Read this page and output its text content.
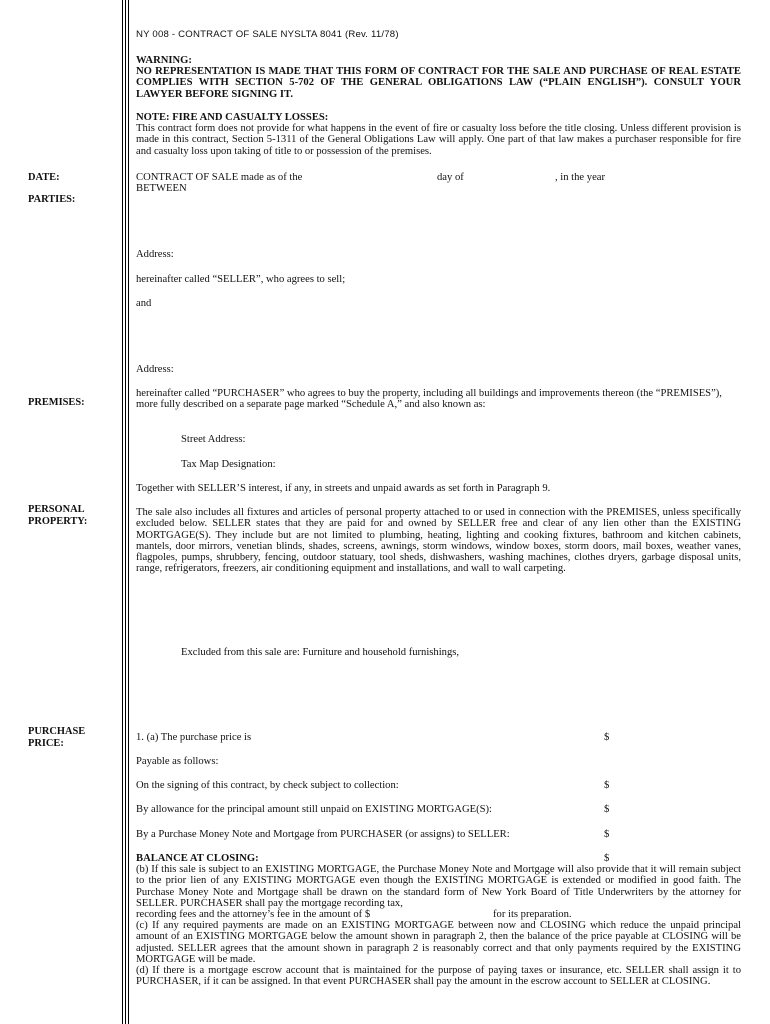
NY 008 - CONTRACT OF SALE NYSLTA 8041 (Rev. 11/78)
WARNING:
NO REPRESENTATION IS MADE THAT THIS FORM OF CONTRACT FOR THE SALE AND PURCHASE OF REAL ESTATE COMPLIES WITH SECTION 5-702 OF THE GENERAL OBLIGATIONS LAW (“PLAIN ENGLISH”). CONSULT YOUR LAWYER BEFORE SIGNING IT.
NOTE: FIRE AND CASUALTY LOSSES:
This contract form does not provide for what happens in the event of fire or casualty loss before the title closing. Unless different provision is made in this contract, Section 5-1311 of the General Obligations Law will apply. One part of that law makes a purchaser responsible for fire and casualty loss upon taking of title to or possession of the premises.
DATE:
PARTIES:
PREMISES:
PERSONAL PROPERTY:
PURCHASE PRICE:
CONTRACT OF SALE made as of the	day of	, in the year
BETWEEN
Address:
hereinafter called “SELLER”, who agrees to sell;
and
Address:
hereinafter called “PURCHASER” who agrees to buy the property, including all buildings and improvements thereon (the “PREMISES”), more fully described on a separate page marked “Schedule A,” and also known as:
Street Address:
Tax Map Designation:
Together with SELLER’S interest, if any, in streets and unpaid awards as set forth in Paragraph 9.
The sale also includes all fixtures and articles of personal property attached to or used in connection with the PREMISES, unless specifically excluded below. SELLER states that they are paid for and owned by SELLER free and clear of any lien other than the EXISTING MORTGAGE(S). They include but are not limited to plumbing, heating, lighting and cooking fixtures, bathroom and kitchen cabinets, mantels, door mirrors, venetian blinds, shades, screens, awnings, storm windows, window boxes, storm doors, mail boxes, weather vanes, flagpoles, pumps, shrubbery, fencing, outdoor statuary, tool sheds, dishwashers, washing machines, clothes dryers, garbage disposal units, range, refrigerators, freezers, air conditioning equipment and installations, and wall to wall carpeting.
Excluded from this sale are: Furniture and household furnishings,
1. (a) The purchase price is	$
Payable as follows:
On the signing of this contract, by check subject to collection:	$
By allowance for the principal amount still unpaid on EXISTING MORTGAGE(S):	$
By a Purchase Money Note and Mortgage from PURCHASER (or assigns) to SELLER:	$
BALANCE AT CLOSING:	$
(b) If this sale is subject to an EXISTING MORTGAGE, the Purchase Money Note and Mortgage will also provide that it will remain subject to the prior lien of any EXISTING MORTGAGE even though the EXISTING MORTGAGE is extended or modified in good faith. The Purchase Money Note and Mortgage shall be drawn on the standard form of New York Board of Title Underwriters by the attorney for SELLER. PURCHASER shall pay the mortgage recording tax,
recording fees and the attorney’s fee in the amount of $	for its preparation.
(c) If any required payments are made on an EXISTING MORTGAGE between now and CLOSING which reduce the unpaid principal amount of an EXISTING MORTGAGE below the amount shown in paragraph 2, then the balance of the price payable at CLOSING will be adjusted. SELLER agrees that the amount shown in paragraph 2 is reasonably correct and that only payments required by the EXISTING MORTGAGE will be made.
(d) If there is a mortgage escrow account that is maintained for the purpose of paying taxes or insurance, etc. SELLER shall assign it to PURCHASER, if it can be assigned. In that event PURCHASER shall pay the amount in the escrow account to SELLER at CLOSING.
